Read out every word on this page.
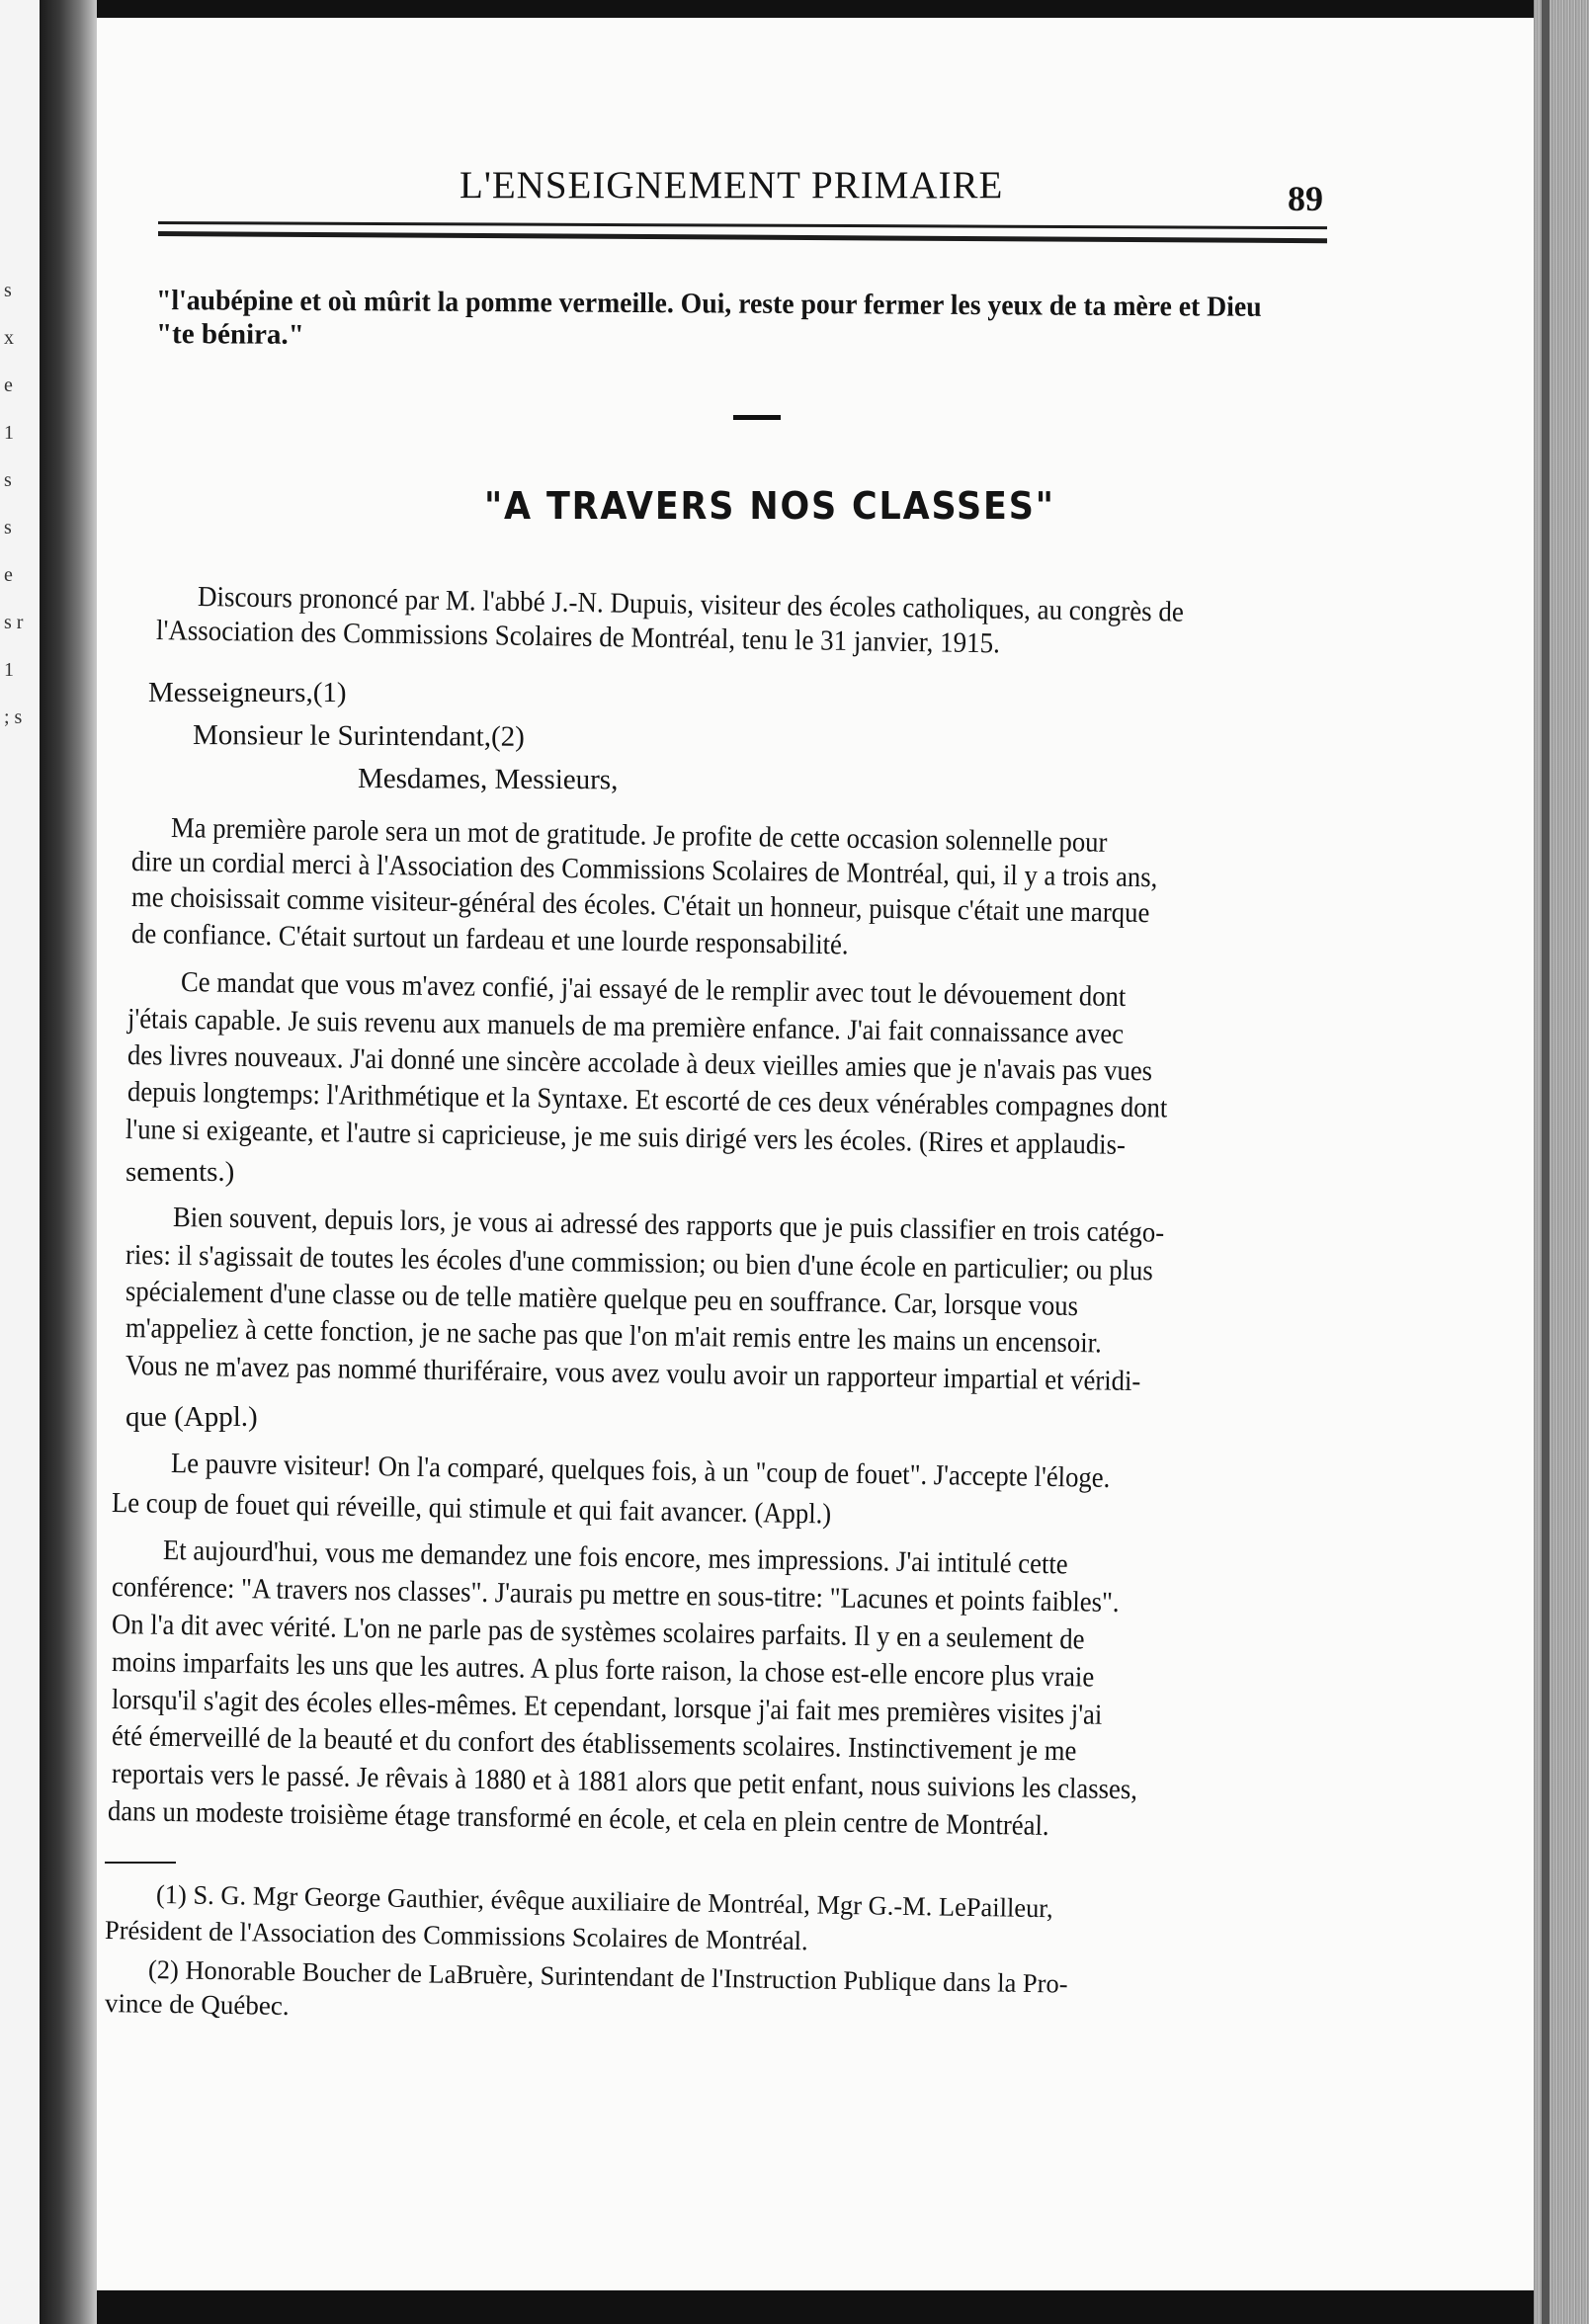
s x e 1 s s e s r 1 ; s
L'ENSEIGNEMENT PRIMAIRE	89
"l'aubépine et où mûrit la pomme vermeille. Oui, reste pour fermer les yeux de ta mère et Dieu
"te bénira."
"A TRAVERS NOS CLASSES"
Discours prononcé par M. l'abbé J.-N. Dupuis, visiteur des écoles catholiques, au congrès de
l'Association des Commissions Scolaires de Montréal, tenu le 31 janvier, 1915.
Messeigneurs,(1)
Monsieur le Surintendant,(2)
Mesdames, Messieurs,
Ma première parole sera un mot de gratitude. Je profite de cette occasion solennelle pour
dire un cordial merci à l'Association des Commissions Scolaires de Montréal, qui, il y a trois ans,
me choisissait comme visiteur-général des écoles. C'était un honneur, puisque c'était une marque
de confiance. C'était surtout un fardeau et une lourde responsabilité.
Ce mandat que vous m'avez confié, j'ai essayé de le remplir avec tout le dévouement dont
j'étais capable. Je suis revenu aux manuels de ma première enfance. J'ai fait connaissance avec
des livres nouveaux. J'ai donné une sincère accolade à deux vieilles amies que je n'avais pas vues
depuis longtemps: l'Arithmétique et la Syntaxe. Et escorté de ces deux vénérables compagnes dont
l'une si exigeante, et l'autre si capricieuse, je me suis dirigé vers les écoles. (Rires et applaudis-
sements.)
Bien souvent, depuis lors, je vous ai adressé des rapports que je puis classifier en trois catégo-
ries: il s'agissait de toutes les écoles d'une commission; ou bien d'une école en particulier; ou plus
spécialement d'une classe ou de telle matière quelque peu en souffrance. Car, lorsque vous
m'appeliez à cette fonction, je ne sache pas que l'on m'ait remis entre les mains un encensoir.
Vous ne m'avez pas nommé thuriféraire, vous avez voulu avoir un rapporteur impartial et véridi-
que (Appl.)
Le pauvre visiteur! On l'a comparé, quelques fois, à un "coup de fouet". J'accepte l'éloge.
Le coup de fouet qui réveille, qui stimule et qui fait avancer. (Appl.)
Et aujourd'hui, vous me demandez une fois encore, mes impressions. J'ai intitulé cette
conférence: "A travers nos classes". J'aurais pu mettre en sous-titre: "Lacunes et points faibles".
On l'a dit avec vérité. L'on ne parle pas de systèmes scolaires parfaits. Il y en a seulement de
moins imparfaits les uns que les autres. A plus forte raison, la chose est-elle encore plus vraie
lorsqu'il s'agit des écoles elles-mêmes. Et cependant, lorsque j'ai fait mes premières visites j'ai
été émerveillé de la beauté et du confort des établissements scolaires. Instinctivement je me
reportais vers le passé. Je rêvais à 1880 et à 1881 alors que petit enfant, nous suivions les classes,
dans un modeste troisième étage transformé en école, et cela en plein centre de Montréal.
(1) S. G. Mgr George Gauthier, évêque auxiliaire de Montréal, Mgr G.-M. LePailleur,
Président de l'Association des Commissions Scolaires de Montréal.
(2) Honorable Boucher de LaBruère, Surintendant de l'Instruction Publique dans la Pro-
vince de Québec.
